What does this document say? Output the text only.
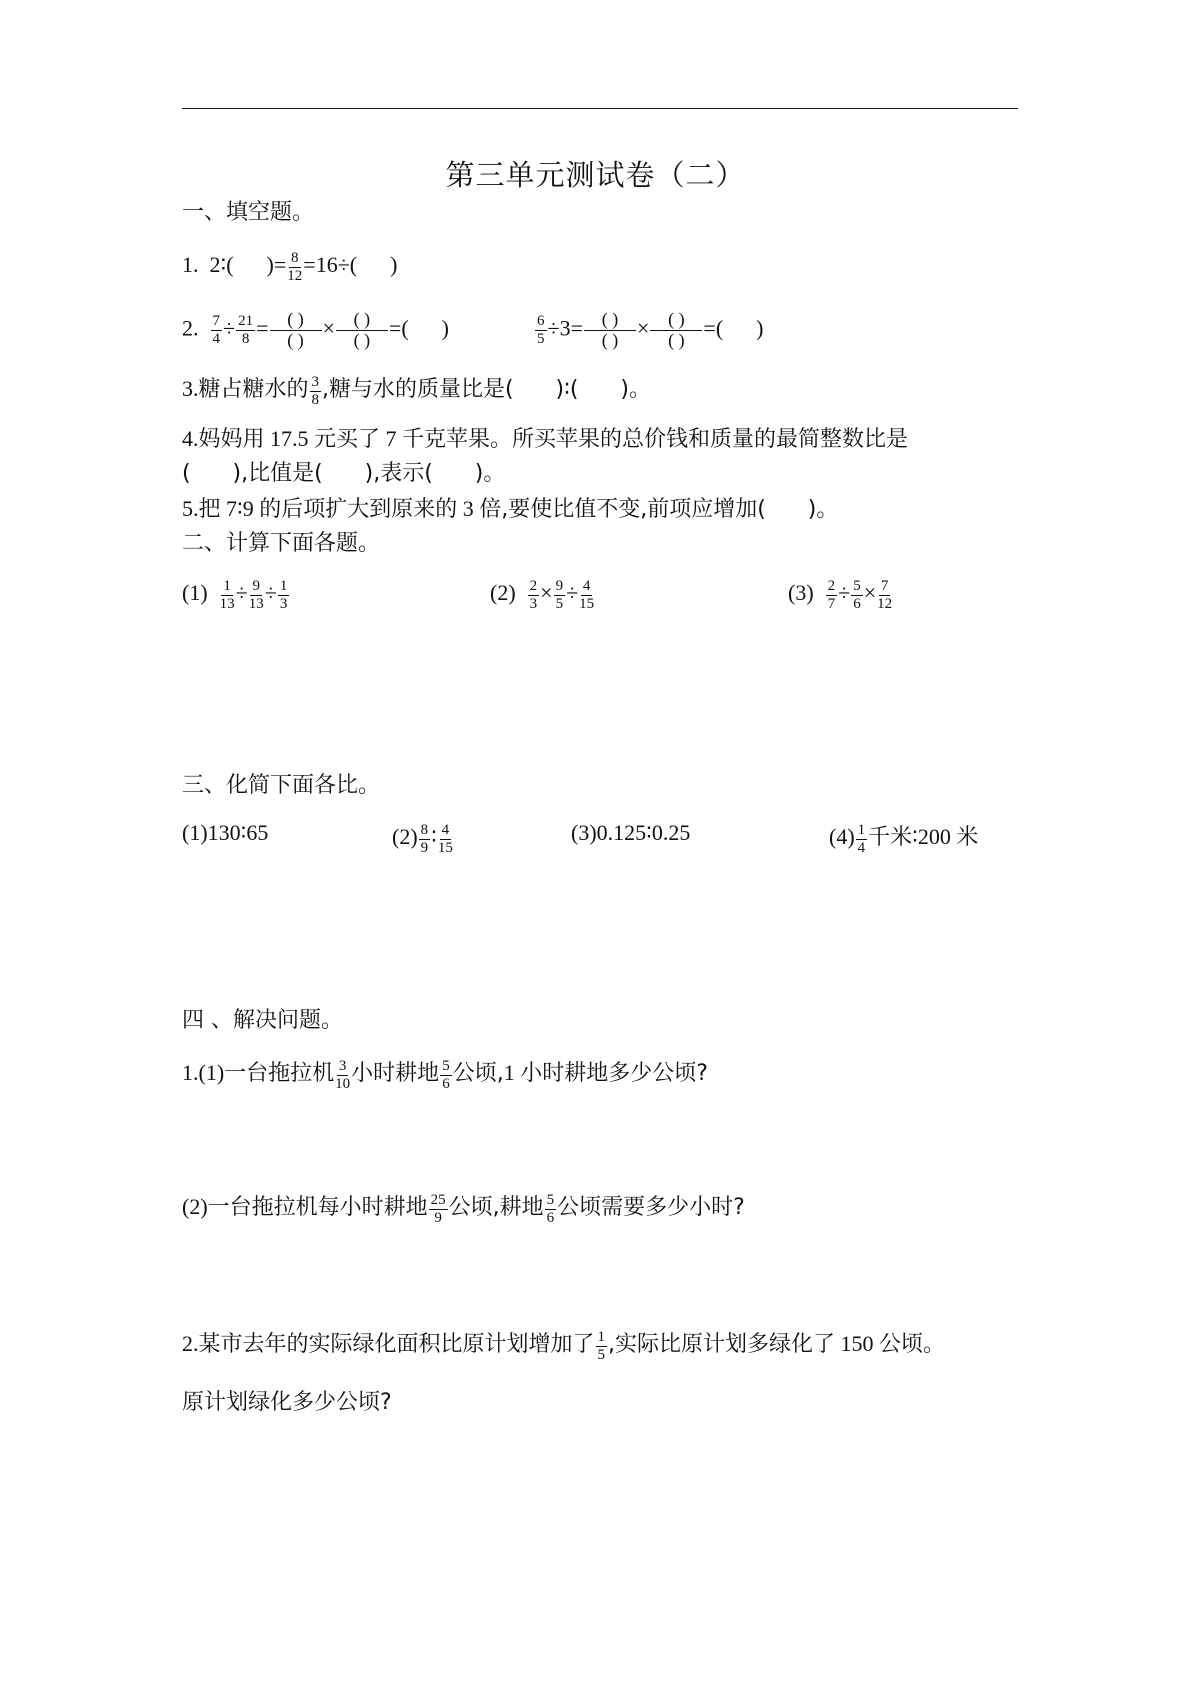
第三单元测试卷（二）
一、填空题。
1.  2∶(      )= $\frac{8}{12} =16\div$(      )
2. $\frac{7}{4} \div \frac{21}{8} = \frac{( )}{( )} \times \frac{( )}{( )}$ =(      )	$\frac{6}{5} \div 3= \frac{( )}{( )} \times \frac{( )}{( )}$ =(      )
3.糖占糖水的 $\frac{3}{8}$ ,糖与水的质量比是(      )∶(      )。
4.妈妈用 17.5 元买了 7 千克苹果。所买苹果的总价钱和质量的最简整数比是
(      ),比值是(      ),表示(      )。
5.把 7∶9 的后项扩大到原来的 3 倍,要使比值不变,前项应增加(      )。
二、计算下面各题。
$(1) \frac{1}{13} \div \frac{9}{13} \div \frac{1}{3}$	$(2) \frac{2}{3} \times \frac{9}{5} \div \frac{4}{15}$	$(3) \frac{2}{7} \div \frac{5}{6} \times \frac{7}{12}$
三、化简下面各比。
(1)130∶65	$(2) \frac{8}{9}$ ∶ $\frac{4}{15}$	(3)0.125∶0.25	$(4) \frac{1}{4}$ 千米∶200 米
四 、解决问题。
1.(1)一台拖拉机 $\frac{3}{10}$ 小时耕地 $\frac{5}{6}$ 公顷,1 小时耕地多少公顷?
(2)一台拖拉机每小时耕地 $\frac{25}{9}$ 公顷,耕地 $\frac{5}{6}$ 公顷需要多少小时?
2.某市去年的实际绿化面积比原计划增加了 $\frac{1}{5}$ ,实际比原计划多绿化了 150 公顷。
原计划绿化多少公顷?
